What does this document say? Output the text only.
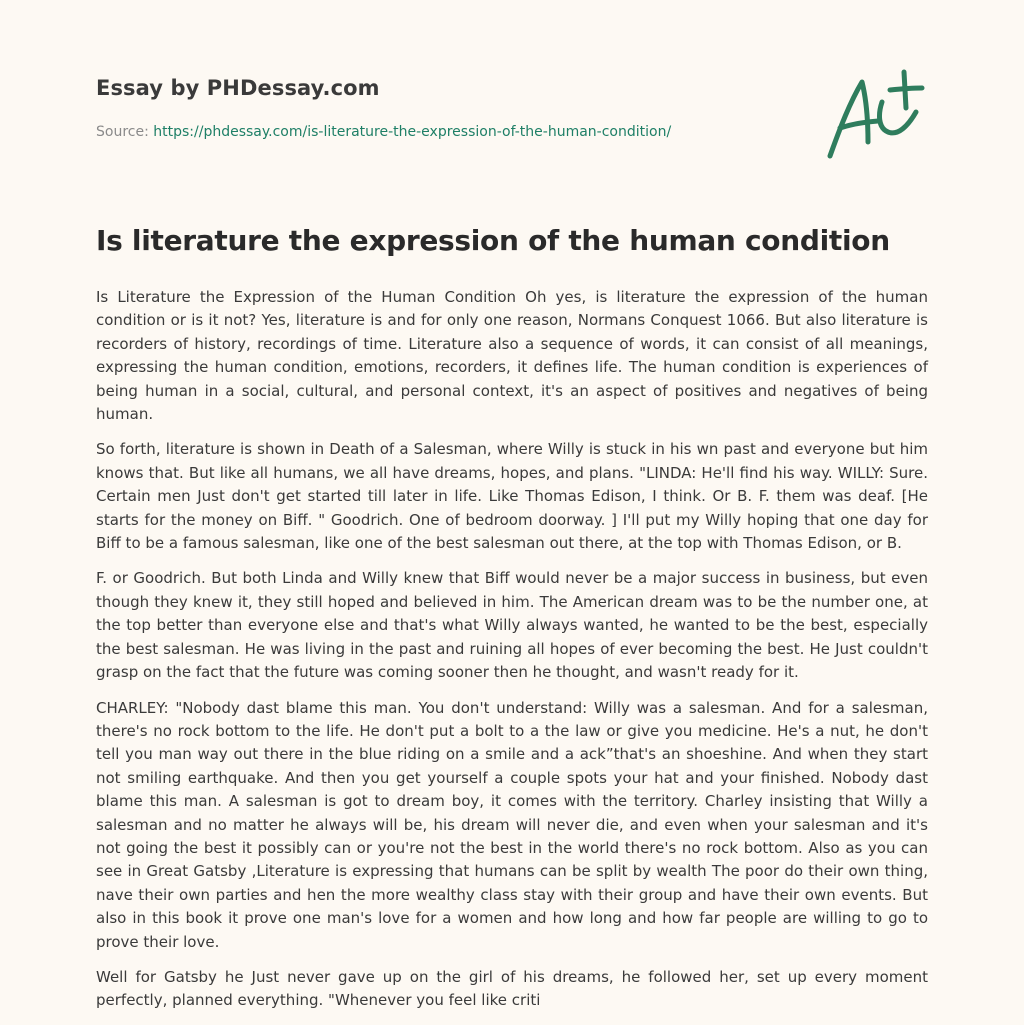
Essay by PHDessay.com
Source: https://phdessay.com/is-literature-the-expression-of-the-human-condition/
Is literature the expression of the human condition

Is Literature the Expression of the Human Condition Oh yes, is literature the expression of the human condition or is it not? Yes, literature is and for only one reason, Normans Conquest 1066. But also literature is recorders of history, recordings of time. Literature also a sequence of words, it can consist of all meanings, expressing the human condition, emotions, recorders, it defines life. The human condition is experiences of being human in a social, cultural, and personal context, it's an aspect of positives and negatives of being human.

So forth, literature is shown in Death of a Salesman, where Willy is stuck in his wn past and everyone but him knows that. But like all humans, we all have dreams, hopes, and plans. "LINDA: He'll find his way. WILLY: Sure. Certain men Just don't get started till later in life. Like Thomas Edison, I think. Or B. F. them was deaf. [He starts for the money on Biff. " Goodrich. One of bedroom doorway. ] I'll put my Willy hoping that one day for Biff to be a famous salesman, like one of the best salesman out there, at the top with Thomas Edison, or B.

F. or Goodrich. But both Linda and Willy knew that Biff would never be a major success in business, but even though they knew it, they still hoped and believed in him. The American dream was to be the number one, at the top better than everyone else and that's what Willy always wanted, he wanted to be the best, especially the best salesman. He was living in the past and ruining all hopes of ever becoming the best. He Just couldn't grasp on the fact that the future was coming sooner then he thought, and wasn't ready for it.

CHARLEY: "Nobody dast blame this man. You don't understand: Willy was a salesman. And for a salesman, there's no rock bottom to the life. He don't put a bolt to a the law or give you medicine. He's a nut, he don't tell you man way out there in the blue riding on a smile and a ack”that's an shoeshine. And when they start not smiling earthquake. And then you get yourself a couple spots your hat and your finished. Nobody dast blame this man. A salesman is got to dream boy, it comes with the territory. Charley insisting that Willy a salesman and no matter he always will be, his dream will never die, and even when your salesman and it's not going the best it possibly can or you're not the best in the world there's no rock bottom. Also as you can see in Great Gatsby ,Literature is expressing that humans can be split by wealth The poor do their own thing, nave their own parties and hen the more wealthy class stay with their group and have their own events. But also in this book it prove one man's love for a women and how long and how far people are willing to go to prove their love.

Well for Gatsby he Just never gave up on the girl of his dreams, he followed her, set up every moment perfectly, planned everything. "Whenever you feel like criti
